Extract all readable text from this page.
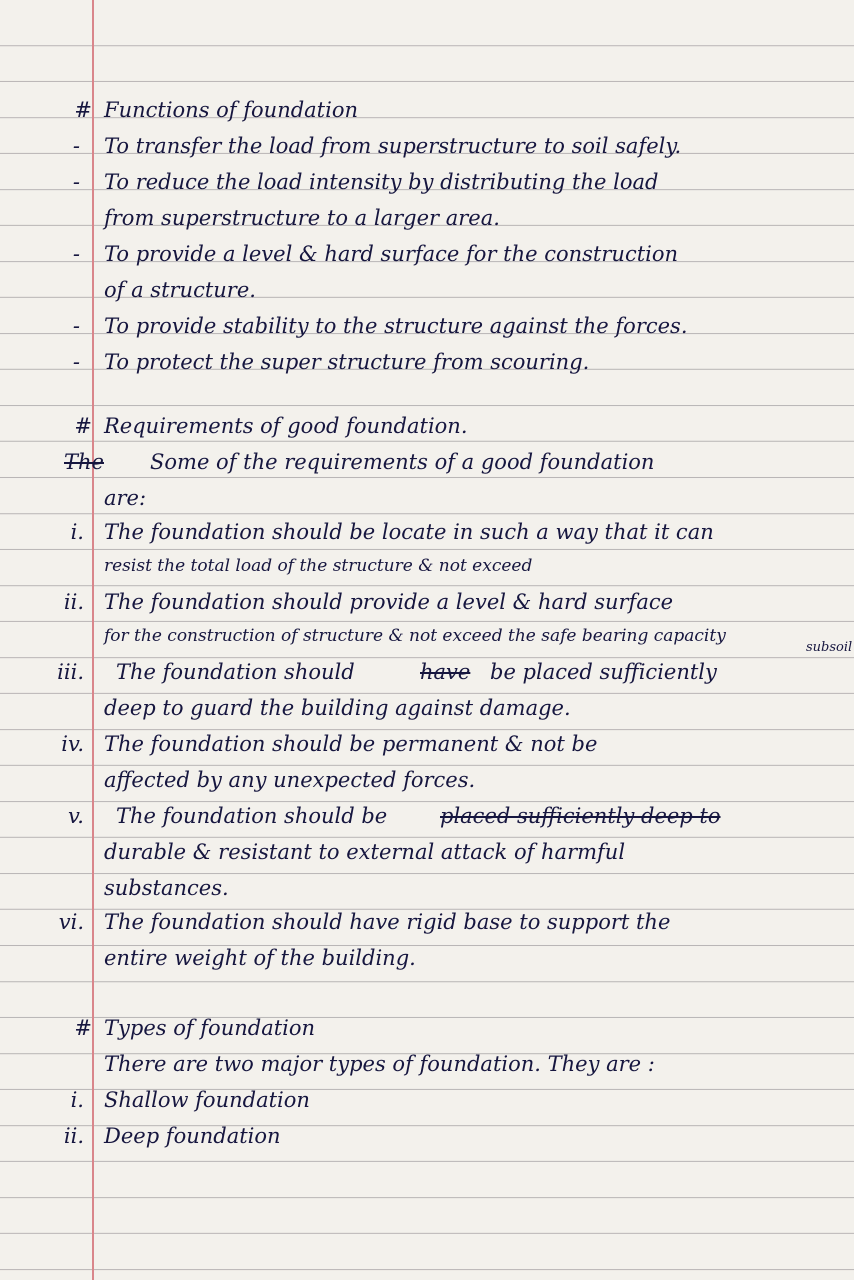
# Functions of foundation
- To transfer the load from superstructure to soil safely.
- To reduce the load intensity by distributing the load
from superstructure to a larger area.
- To provide a level & hard surface for the construction
of a structure.
- To provide stability to the structure against the forces.
- To protect the super structure from scouring.
# Requirements of good foundation.
The Some of the requirements of a good foundation
are:
i. The foundation should be locate in such a way that it can
resist the total load of the structure & not exceed
ii. The foundation should provide a level & hard surface
for the construction of structure & not exceed the safe bearing capacity
subsoil
iii. The foundation should	have be placed sufficiently
deep to guard the building against damage.
iv. The foundation should be permanent & not be
affected by any unexpected forces.
v. The foundation should be	placed sufficiently deep to
durable & resistant to external attack of harmful
substances.
vi. The foundation should have rigid base to support the
entire weight of the building.
# Types of foundation
There are two major types of foundation. They are :
i. Shallow foundation
ii. Deep foundation
